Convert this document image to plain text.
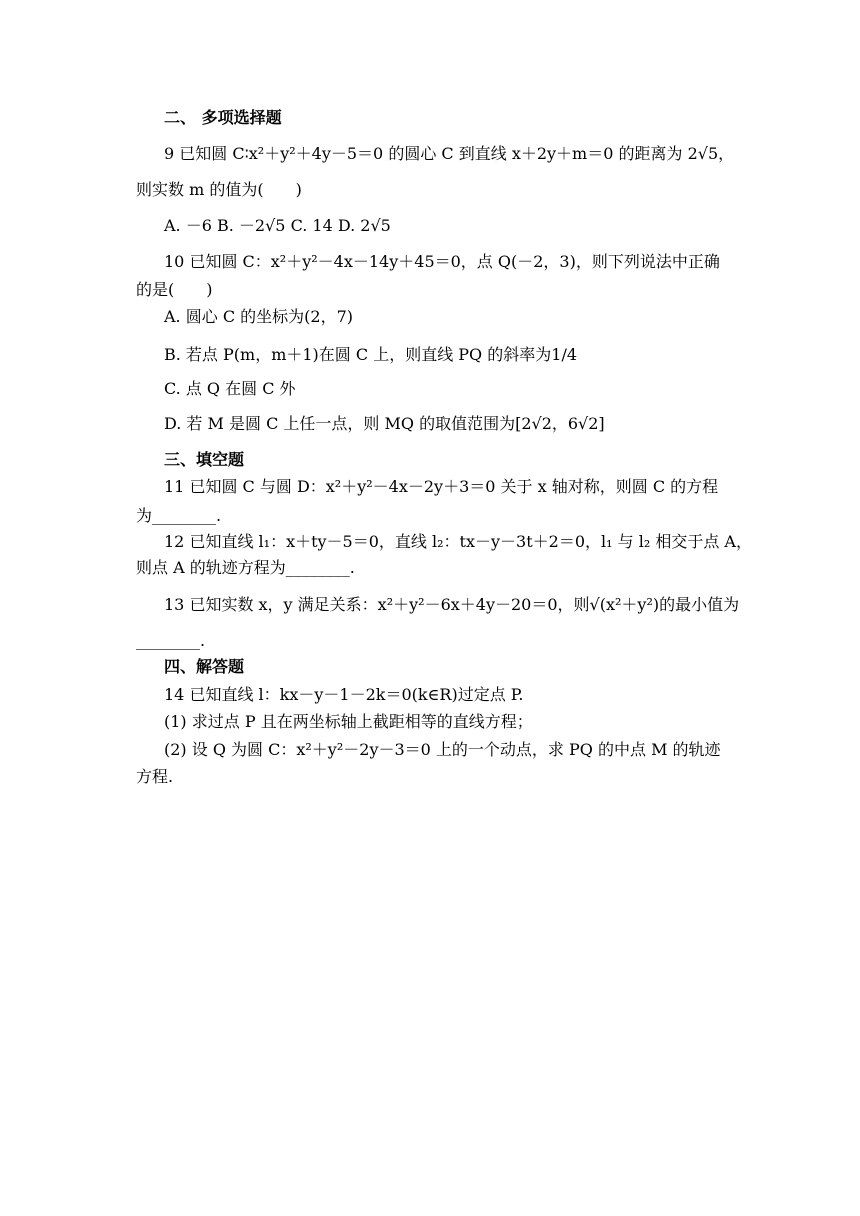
二、 多项选择题
9 已知圆 C∶x²＋y²＋4y－5＝0 的圆心 C 到直线 x＋2y＋m＝0 的距离为 2√5，
则实数 m 的值为(　　)
A. －6 B. －2√5 C. 14 D. 2√5
10 已知圆 C：x²＋y²－4x－14y＋45＝0，点 Q(－2，3)，则下列说法中正确
的是(　　)
A. 圆心 C 的坐标为(2，7)
B. 若点 P(m，m＋1)在圆 C 上，则直线 PQ 的斜率为1/4
C. 点 Q 在圆 C 外
D. 若 M 是圆 C 上任一点，则 MQ 的取值范围为[2√2，6√2]
三、填空题
11 已知圆 C 与圆 D：x²＋y²－4x－2y＋3＝0 关于 x 轴对称，则圆 C 的方程
为________.
12 已知直线 l₁：x＋ty－5＝0，直线 l₂：tx－y－3t＋2＝0，l₁ 与 l₂ 相交于点 A，
则点 A 的轨迹方程为________.
13 已知实数 x，y 满足关系：x²＋y²－6x＋4y－20＝0，则√(x²＋y²)的最小值为
________.
四、解答题
14 已知直线 l：kx－y－1－2k＝0(k∈R)过定点 P.
(1) 求过点 P 且在两坐标轴上截距相等的直线方程；
(2) 设 Q 为圆 C：x²＋y²－2y－3＝0 上的一个动点，求 PQ 的中点 M 的轨迹
方程.
